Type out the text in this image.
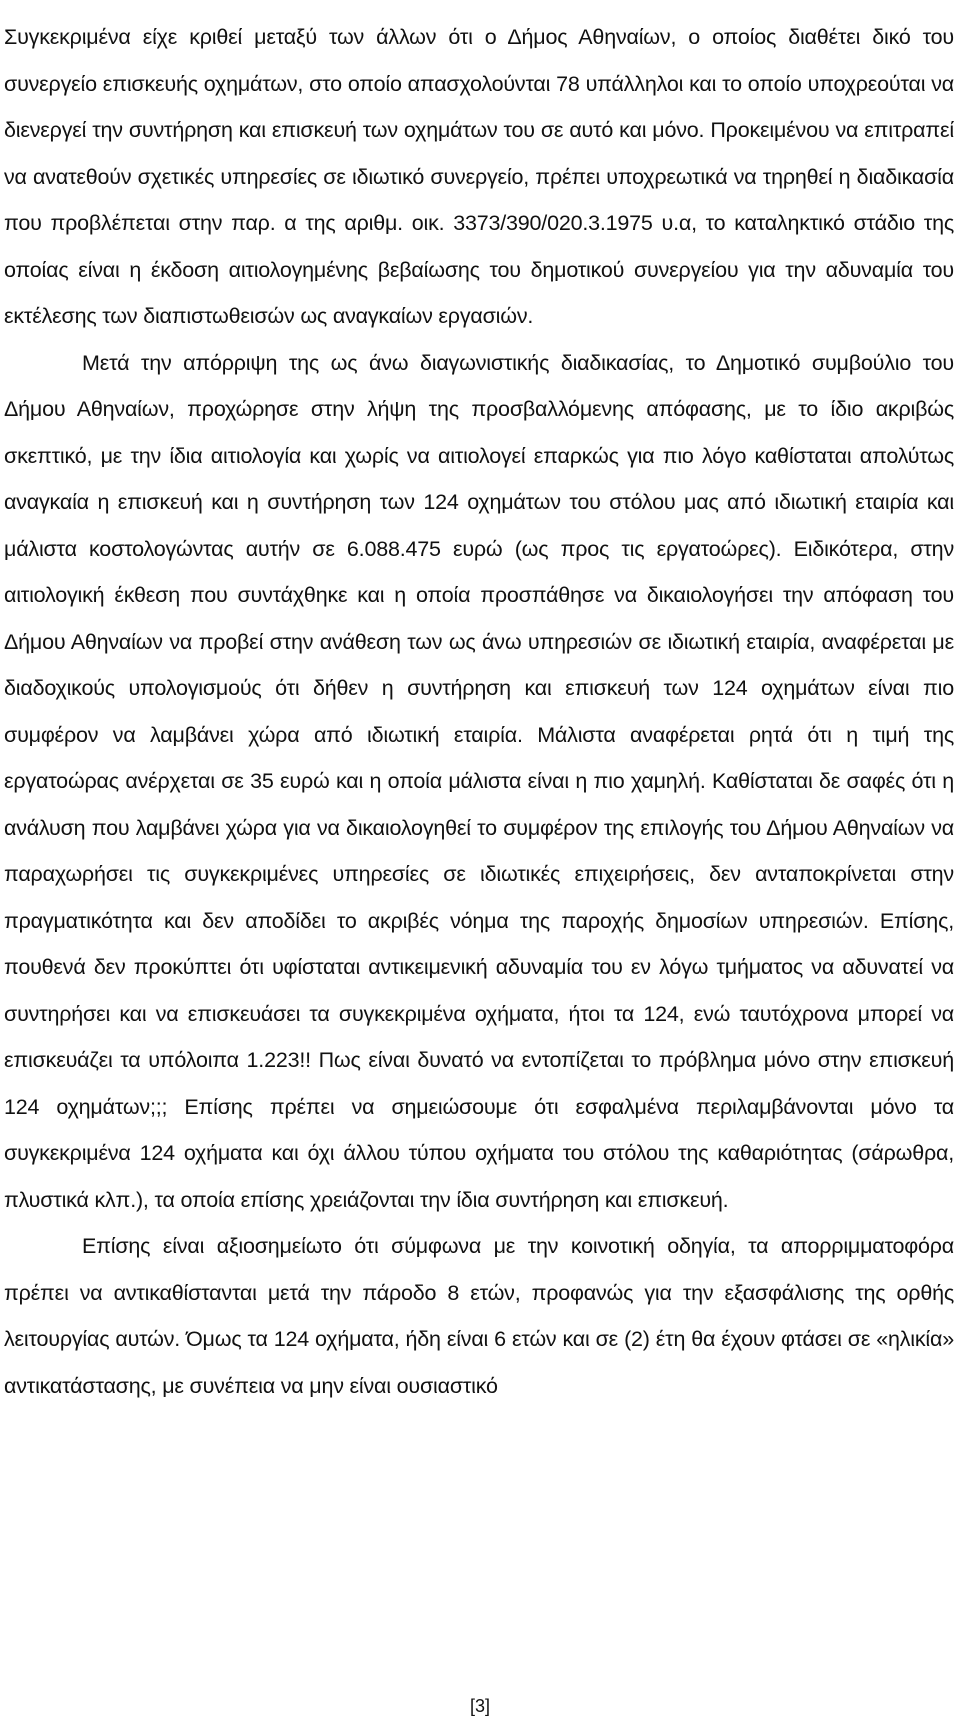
Συγκεκριμένα είχε κριθεί μεταξύ των άλλων ότι ο Δήμος Αθηναίων, ο οποίος διαθέτει δικό του συνεργείο επισκευής οχημάτων, στο οποίο απασχολούνται 78 υπάλληλοι και το οποίο υποχρεούται να διενεργεί την συντήρηση και επισκευή των οχημάτων του σε αυτό και μόνο. Προκειμένου να επιτραπεί να ανατεθούν σχετικές υπηρεσίες σε ιδιωτικό συνεργείο, πρέπει υποχρεωτικά να τηρηθεί η διαδικασία που προβλέπεται στην παρ. α της αριθμ. οικ. 3373/390/020.3.1975 υ.α, το καταληκτικό στάδιο της οποίας είναι η έκδοση αιτιολογημένης βεβαίωσης του δημοτικού συνεργείου για την αδυναμία του εκτέλεσης των διαπιστωθεισών ως αναγκαίων εργασιών.

Μετά την απόρριψη της ως άνω διαγωνιστικής διαδικασίας, το Δημοτικό συμβούλιο του Δήμου Αθηναίων, προχώρησε στην λήψη της προσβαλλόμενης απόφασης, με το ίδιο ακριβώς σκεπτικό, με την ίδια αιτιολογία και χωρίς να αιτιολογεί επαρκώς για πιο λόγο καθίσταται απολύτως αναγκαία η επισκευή και η συντήρηση των 124 οχημάτων του στόλου μας από ιδιωτική εταιρία και μάλιστα κοστολογώντας αυτήν σε 6.088.475 ευρώ (ως προς τις εργατοώρες). Ειδικότερα, στην αιτιολογική έκθεση που συντάχθηκε και η οποία προσπάθησε να δικαιολογήσει την απόφαση του Δήμου Αθηναίων να προβεί στην ανάθεση των ως άνω υπηρεσιών σε ιδιωτική εταιρία, αναφέρεται με διαδοχικούς υπολογισμούς ότι δήθεν η συντήρηση και επισκευή των 124 οχημάτων είναι πιο συμφέρον να λαμβάνει χώρα από ιδιωτική εταιρία. Μάλιστα αναφέρεται ρητά ότι η τιμή της εργατοώρας ανέρχεται σε 35 ευρώ και η οποία μάλιστα είναι η πιο χαμηλή. Καθίσταται δε σαφές ότι η ανάλυση που λαμβάνει χώρα για να δικαιολογηθεί το συμφέρον της επιλογής του Δήμου Αθηναίων να παραχωρήσει τις συγκεκριμένες υπηρεσίες σε ιδιωτικές επιχειρήσεις, δεν ανταποκρίνεται στην πραγματικότητα και δεν αποδίδει το ακριβές νόημα της παροχής δημοσίων υπηρεσιών. Επίσης, πουθενά δεν προκύπτει ότι υφίσταται αντικειμενική αδυναμία του εν λόγω τμήματος να αδυνατεί να συντηρήσει και να επισκευάσει τα συγκεκριμένα οχήματα, ήτοι τα 124, ενώ ταυτόχρονα μπορεί να επισκευάζει τα υπόλοιπα 1.223!! Πως είναι δυνατό να εντοπίζεται το πρόβλημα μόνο στην επισκευή 124 οχημάτων;;; Επίσης πρέπει να σημειώσουμε ότι εσφαλμένα περιλαμβάνονται μόνο τα συγκεκριμένα 124 οχήματα και όχι άλλου τύπου οχήματα του στόλου της καθαριότητας (σάρωθρα, πλυστικά κλπ.), τα οποία επίσης χρειάζονται την ίδια συντήρηση και επισκευή.

Επίσης είναι αξιοσημείωτο ότι σύμφωνα με την κοινοτική οδηγία, τα απορριμματοφόρα πρέπει να αντικαθίστανται μετά την πάροδο 8 ετών, προφανώς για την εξασφάλισης της ορθής λειτουργίας αυτών. Όμως τα 124 οχήματα, ήδη είναι 6 ετών και σε (2) έτη θα έχουν φτάσει σε «ηλικία» αντικατάστασης, με συνέπεια να μην είναι ουσιαστικό

[3]
